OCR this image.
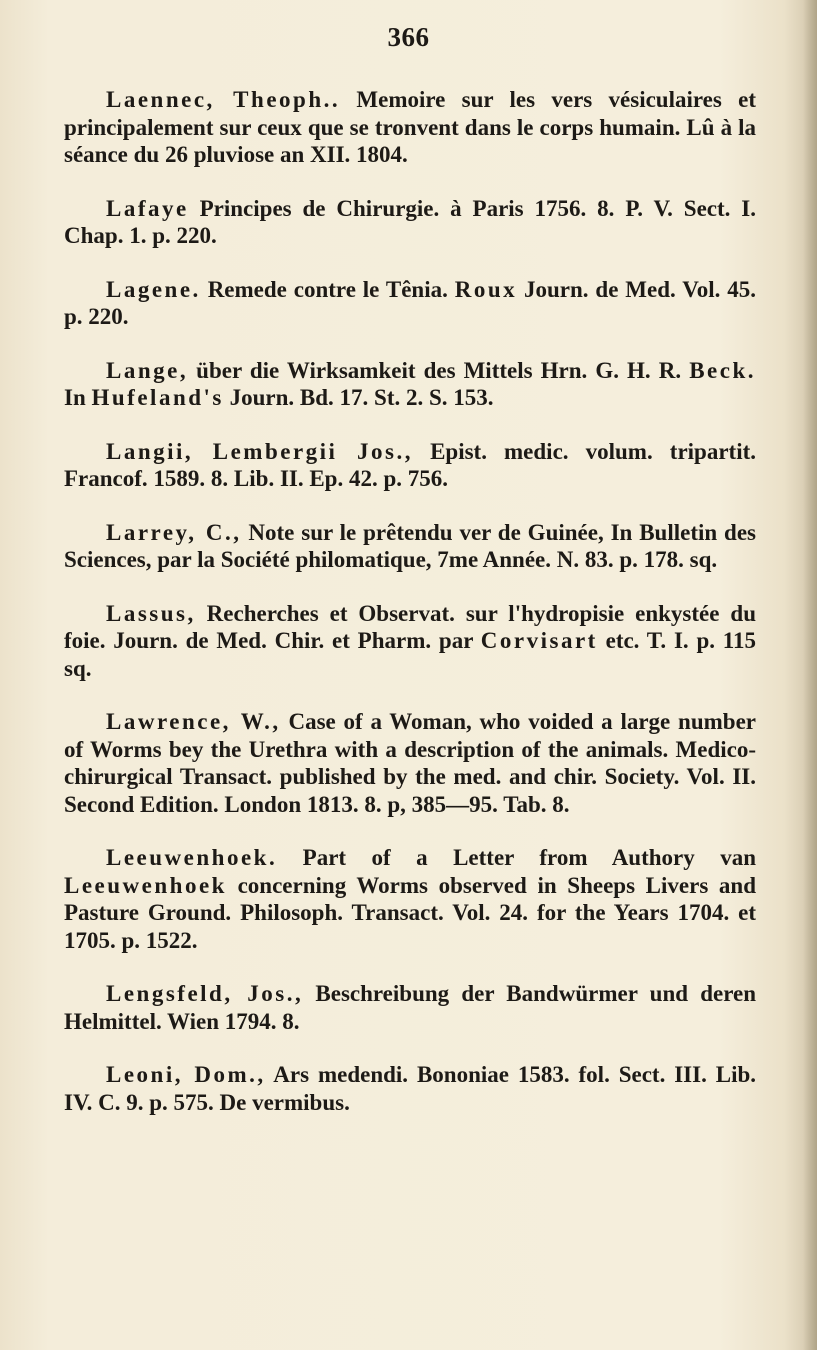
366

Laennec, Theoph.. Memoire sur les vers vésiculaires et principalement sur ceux que se tronvent dans le corps humain. Lû à la séance du 26 pluviose an XII. 1804.

Lafaye Principes de Chirurgie. à Paris 1756. 8. P. V. Sect. I. Chap. 1. p. 220.

Lagene. Remede contre le Tênia. Roux Journ. de Med. Vol. 45. p. 220.

Lange, über die Wirksamkeit des Mittels Hrn. G. H. R. Beck. In Hufeland's Journ. Bd. 17. St. 2. S. 153.

Langii, Lembergii Jos., Epist. medic. volum. tripartit. Francof. 1589. 8. Lib. II. Ep. 42. p. 756.

Larrey, C., Note sur le prêtendu ver de Guinée, In Bulletin des Sciences, par la Société philomatique, 7me Année. N. 83. p. 178. sq.

Lassus, Recherches et Observat. sur l'hydropisie enkystée du foie. Journ. de Med. Chir. et Pharm. par Corvisart etc. T. I. p. 115 sq.

Lawrence, W., Case of a Woman, who voided a large number of Worms bey the Urethra with a description of the animals. Medico-chirurgical Transact. published by the med. and chir. Society. Vol. II. Second Edition. London 1813. 8. p, 385—95. Tab. 8.

Leeuwenhoek. Part of a Letter from Authory van Leeuwenhoek concerning Worms observed in Sheeps Livers and Pasture Ground. Philosoph. Transact. Vol. 24. for the Years 1704. et 1705. p. 1522.

Lengsfeld, Jos., Beschreibung der Bandwürmer und deren Helmittel. Wien 1794. 8.

Leoni, Dom., Ars medendi. Bononiae 1583. fol. Sect. III. Lib. IV. C. 9. p. 575. De vermibus.
